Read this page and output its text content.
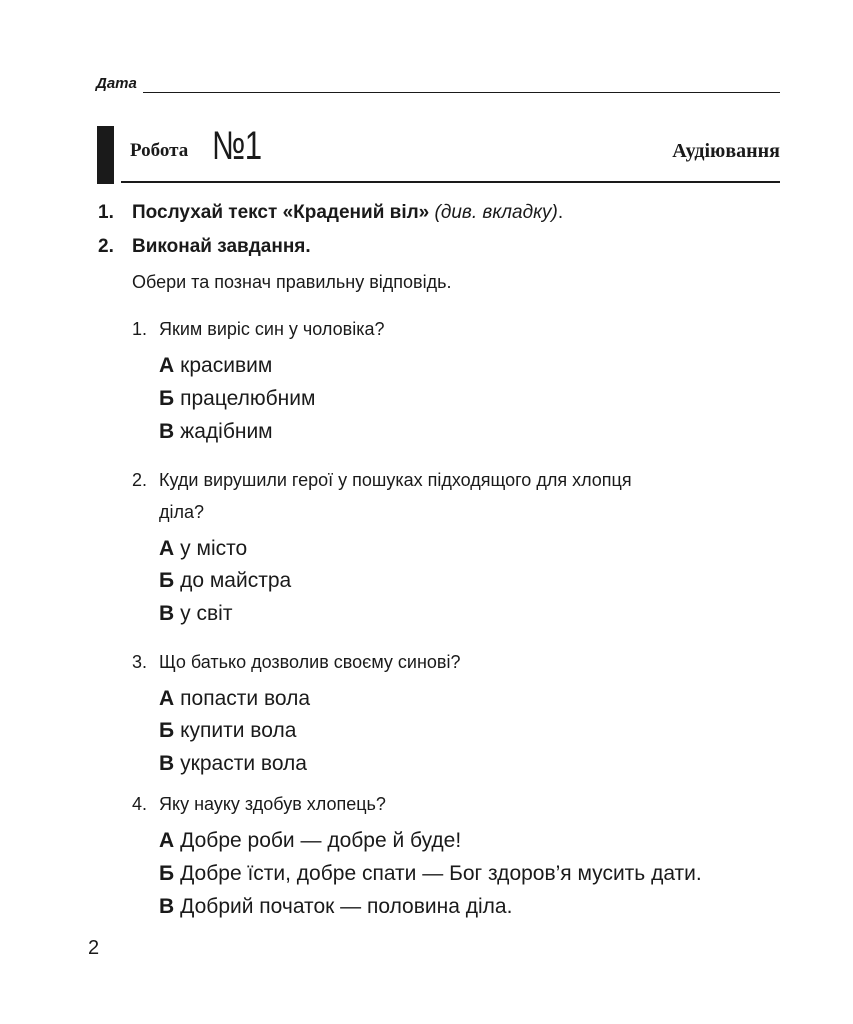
Дата
Робота №1	Аудіювання
1. Послухай текст «Крадений віл» (див. вкладку).
2. Виконай завдання.
Обери та познач правильну відповідь.
1. Яким виріс син у чоловіка?
А красивим
Б працелюбним
В жадібним
2. Куди вирушили герої у пошуках підходящого для хлопця
діла?
А у місто
Б до майстра
В у світ
3. Що батько дозволив своєму синові?
А попасти вола
Б купити вола
В украсти вола
4. Яку науку здобув хлопець?
А Добре роби — добре й буде!
Б Добре їсти, добре спати — Бог здоров’я мусить дати.
В Добрий початок — половина діла.
2
